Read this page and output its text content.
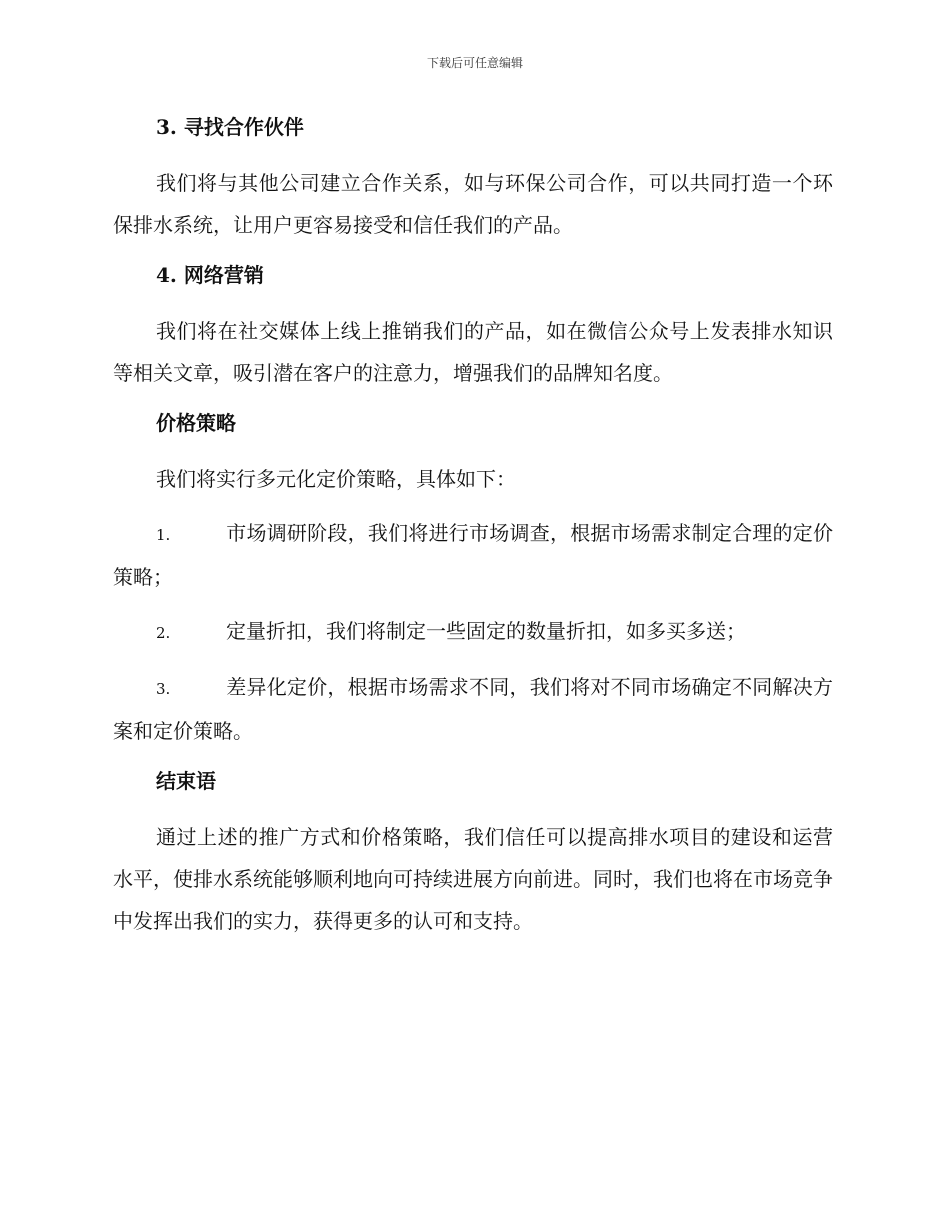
下载后可任意编辑
3. 寻找合作伙伴

我们将与其他公司建立合作关系，如与环保公司合作，可以共同打造一个环保排水系统，让用户更容易接受和信任我们的产品。

4. 网络营销

我们将在社交媒体上线上推销我们的产品，如在微信公众号上发表排水知识等相关文章，吸引潜在客户的注意力，增强我们的品牌知名度。

价格策略

我们将实行多元化定价策略，具体如下：

1.	市场调研阶段，我们将进行市场调查，根据市场需求制定合理的定价策略；

2.	定量折扣，我们将制定一些固定的数量折扣，如多买多送；

3.	差异化定价，根据市场需求不同，我们将对不同市场确定不同解决方案和定价策略。

结束语

通过上述的推广方式和价格策略，我们信任可以提高排水项目的建设和运营水平，使排水系统能够顺利地向可持续进展方向前进。同时，我们也将在市场竞争中发挥出我们的实力，获得更多的认可和支持。
